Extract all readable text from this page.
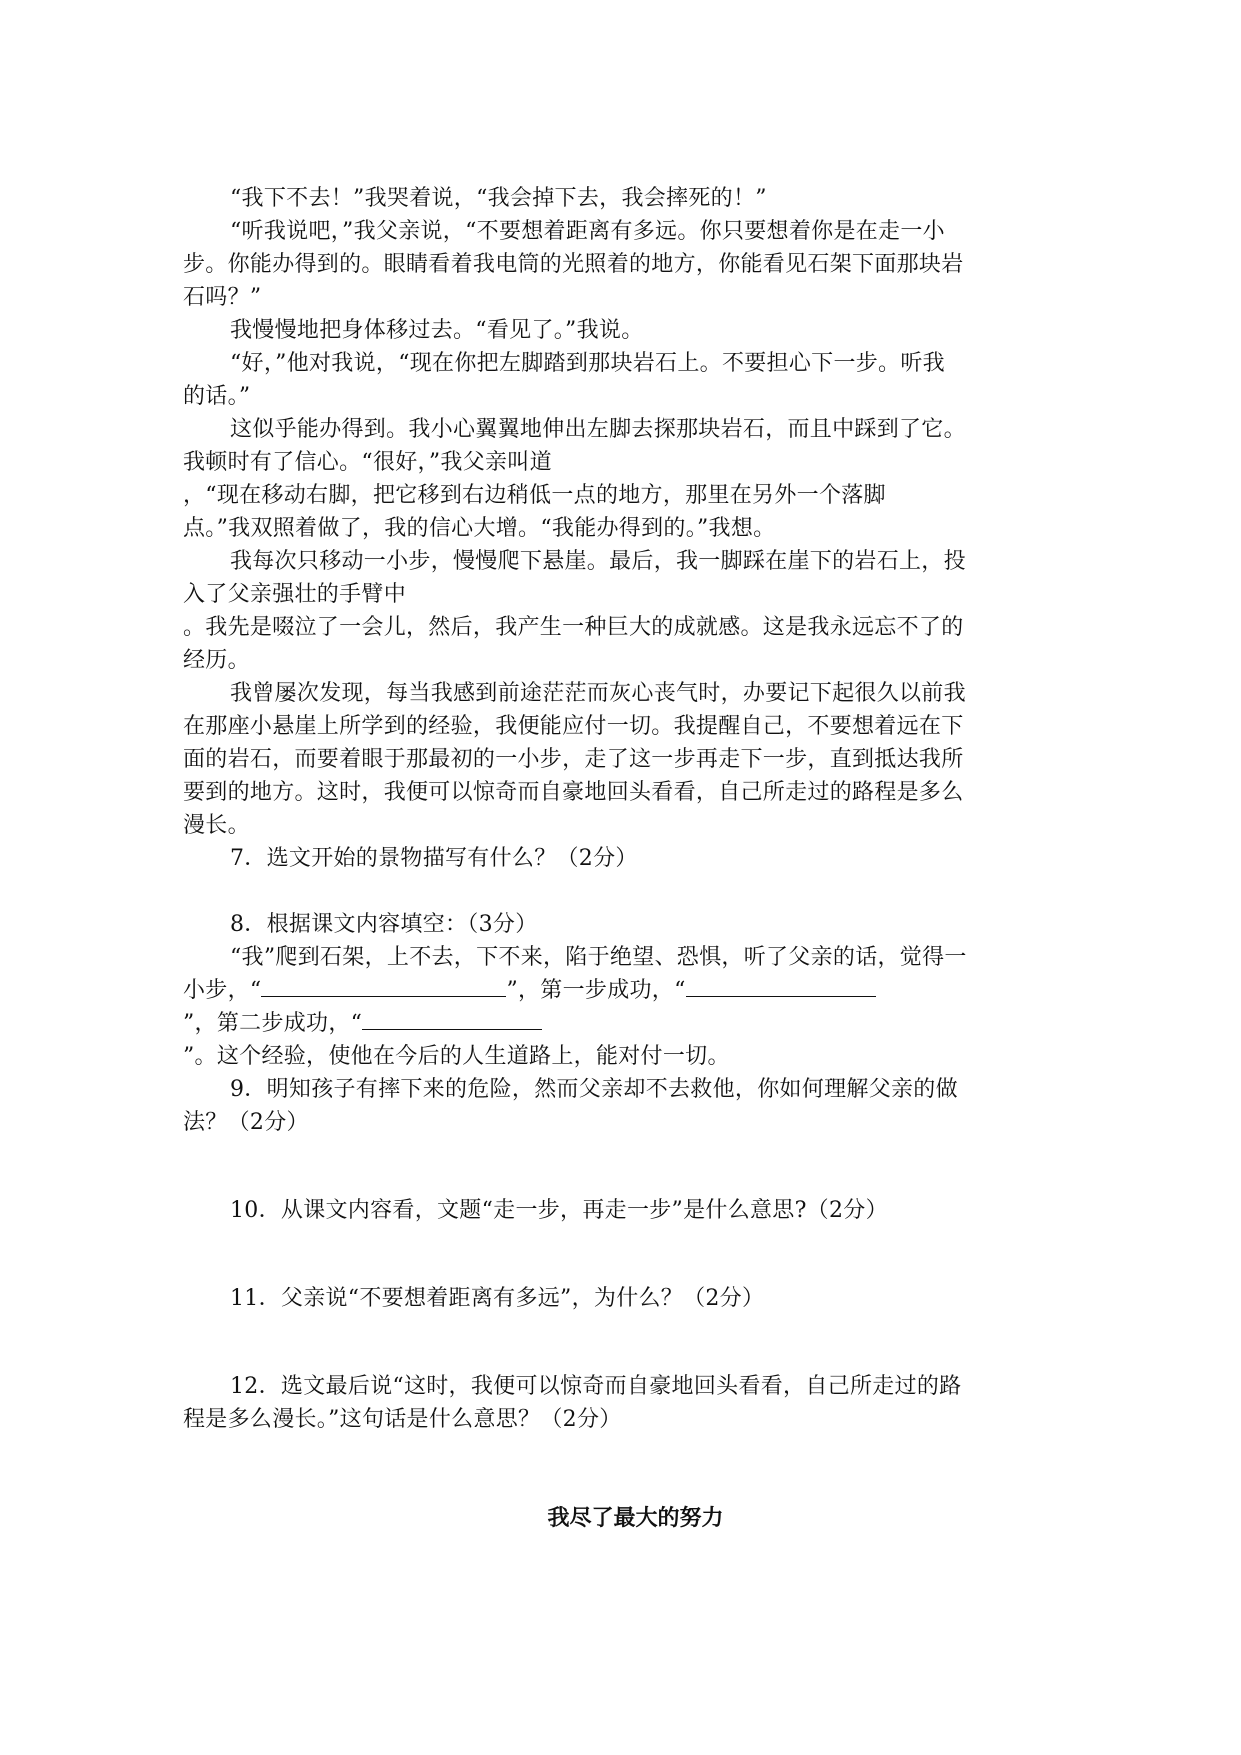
“我下不去！”我哭着说，“我会掉下去，我会摔死的！”
“听我说吧，”我父亲说，“不要想着距离有多远。你只要想着你是在走一小
步。你能办得到的。眼睛看着我电筒的光照着的地方，你能看见石架下面那块岩
石吗？”
我慢慢地把身体移过去。“看见了。”我说。
“好，”他对我说，“现在你把左脚踏到那块岩石上。不要担心下一步。听我
的话。”
这似乎能办得到。我小心翼翼地伸出左脚去探那块岩石，而且中踩到了它。
我顿时有了信心。“很好，”我父亲叫道
，“现在移动右脚，把它移到右边稍低一点的地方，那里在另外一个落脚
点。”我双照着做了，我的信心大增。“我能办得到的。”我想。
我每次只移动一小步，慢慢爬下悬崖。最后，我一脚踩在崖下的岩石上，投
入了父亲强壮的手臂中
。我先是啜泣了一会儿，然后，我产生一种巨大的成就感。这是我永远忘不了的
经历。
我曾屡次发现，每当我感到前途茫茫而灰心丧气时，办要记下起很久以前我
在那座小悬崖上所学到的经验，我便能应付一切。我提醒自己，不要想着远在下
面的岩石，而要着眼于那最初的一小步，走了这一步再走下一步，直到抵达我所
要到的地方。这时，我便可以惊奇而自豪地回头看看，自己所走过的路程是多么
漫长。
7．选文开始的景物描写有什么？（2分）
8．根据课文内容填空：（3分）
“我”爬到石架，上不去，下不来，陷于绝望、恐惧，听了父亲的话，觉得一
小步，“	”，第一步成功，“
”，第二步成功，“
”。这个经验，使他在今后的人生道路上，能对付一切。
9．明知孩子有摔下来的危险，然而父亲却不去救他，你如何理解父亲的做
法？（2分）
10．从课文内容看，文题“走一步，再走一步”是什么意思?（2分）
11．父亲说“不要想着距离有多远”，为什么？（2分）
12．选文最后说“这时，我便可以惊奇而自豪地回头看看，自己所走过的路
程是多么漫长。”这句话是什么意思？（2分）
我尽了最大的努力
